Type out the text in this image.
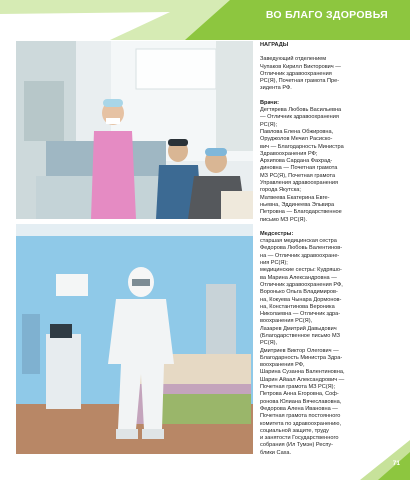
ВО БЛАГО ЗДОРОВЬЯ

НАГРАДЫ

Заведующий отделением
Чупаков Кирилл Викторович —
Отличник здравоохранения
РС(Я), Почетная грамота Пре-
зидента РФ.

Врачи:

Дегтярева Любовь Васильевна
— Отличник здравоохранения
РС(Я);
Павлова Елена Обжировна,
Оруджолов Мечил Расиско-
вич — Благодарность Министра
Здравоохранения РФ;
Архипова Сардана Фахрад-
диновна — Почетная грамота
МЗ РС(Я), Почетная грамота
Управления здравоохранения
города Якутска;
Матвеева Екатерина Евге-
ньевна, Эддинеева Эльвира
Петровна — Благодарственное
письмо МЗ РС(Я).

Медсестры:

старшая медицинская сестра
Федорова Любовь Валентинов-
на — Отличник здравоохране-
ния РС(Я);
медицинские сестры: Кудряшо-
ва Марина Александровна —
Отличник здравоохранения РФ,
Воронько Ольга Владимиров-
на, Кокуева Чынара Дормонов-
на, Константинова Вероника
Николаевна — Отличник здра-
воохранения РС(Я),
Лазарев Дмитрий Давыдович
(Благодарственное письмо МЗ
РС(Я),
Дмитриев Виктор Олегович —
Благодарность Министра Здра-
воохранения РФ,
Шарина Сузанна Валентиновна,
Шарин Айаал Александрович —
Почетная грамота МЗ РС(Я);
Петрова Анна Егоровна, Соф-
ронова Юлиана Вячеславовна,
Федорова Алена Ивановна —
Почетная грамота постоянного
комитета по здравоохранению,
социальной защите, труду
и занятости Государственного
собрания (Ил Тумэн) Респу-
блики Саха.

71
